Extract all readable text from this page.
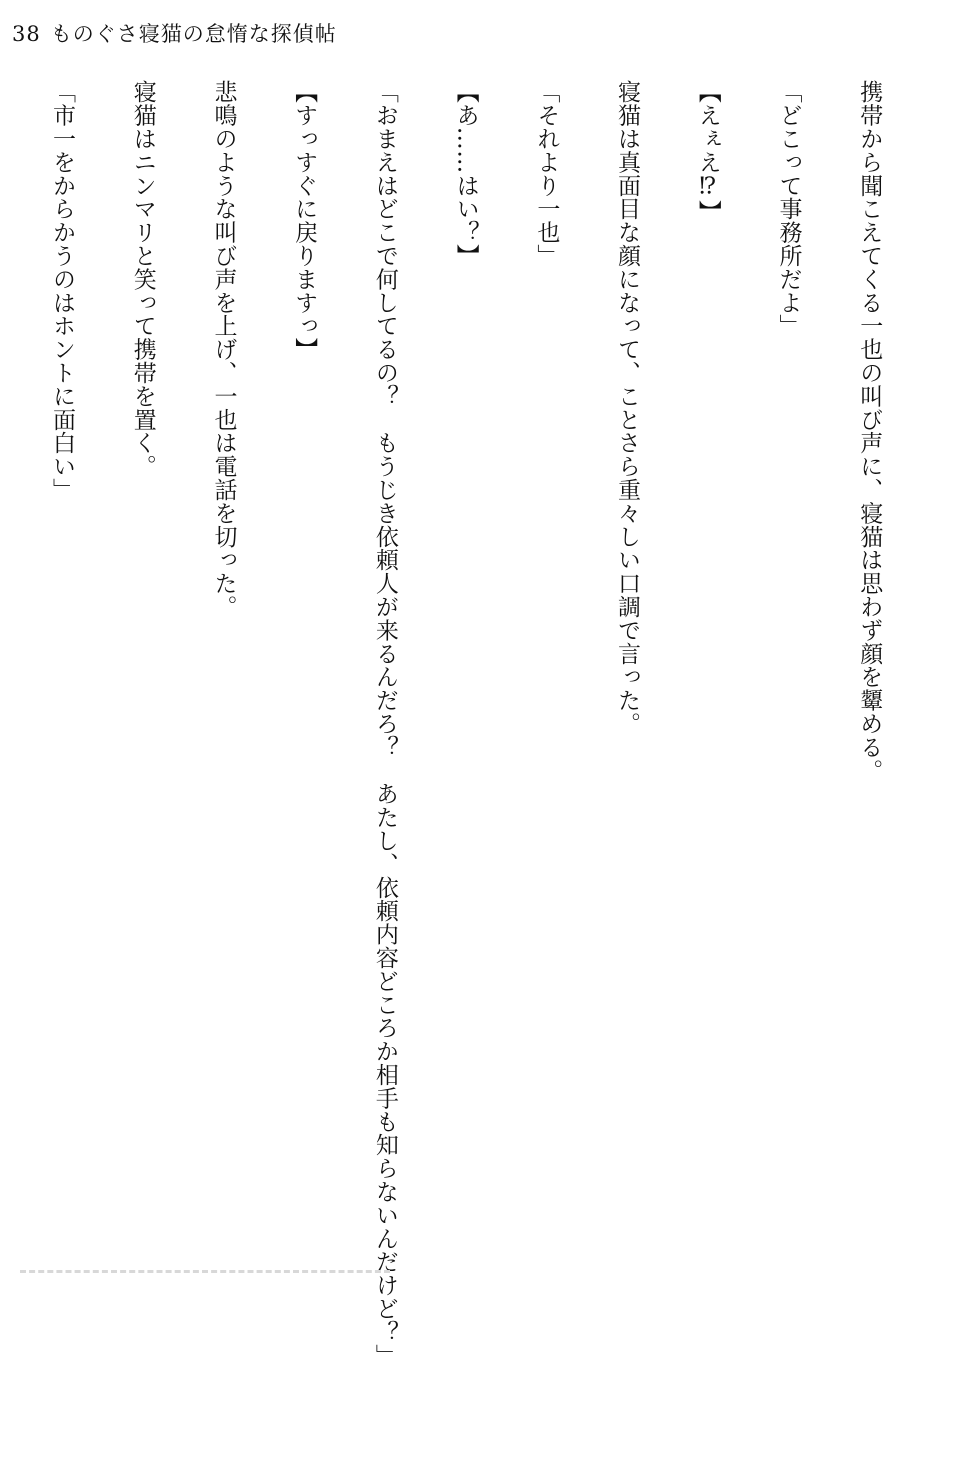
38 ものぐさ寝猫の怠惰な探偵帖

携帯から聞こえてくる一也の叫び声に、寝猫は思わず顔を顰める。

「どこって事務所だよ」

【えぇえ⁉】

寝猫は真面目な顔になって、ことさら重々しい口調で言った。

「それより一也」

【あ……はい？】

「おまえはどこで何してるの？　もうじき依頼人が来るんだろ？　あたし、依頼内容どころか相手も知らないんだけど？」

【すっすぐに戻りますっ】

悲鳴のような叫び声を上げ、一也は電話を切った。

寝猫はニンマリと笑って携帯を置く。

「市一をからかうのはホントに面白い」
